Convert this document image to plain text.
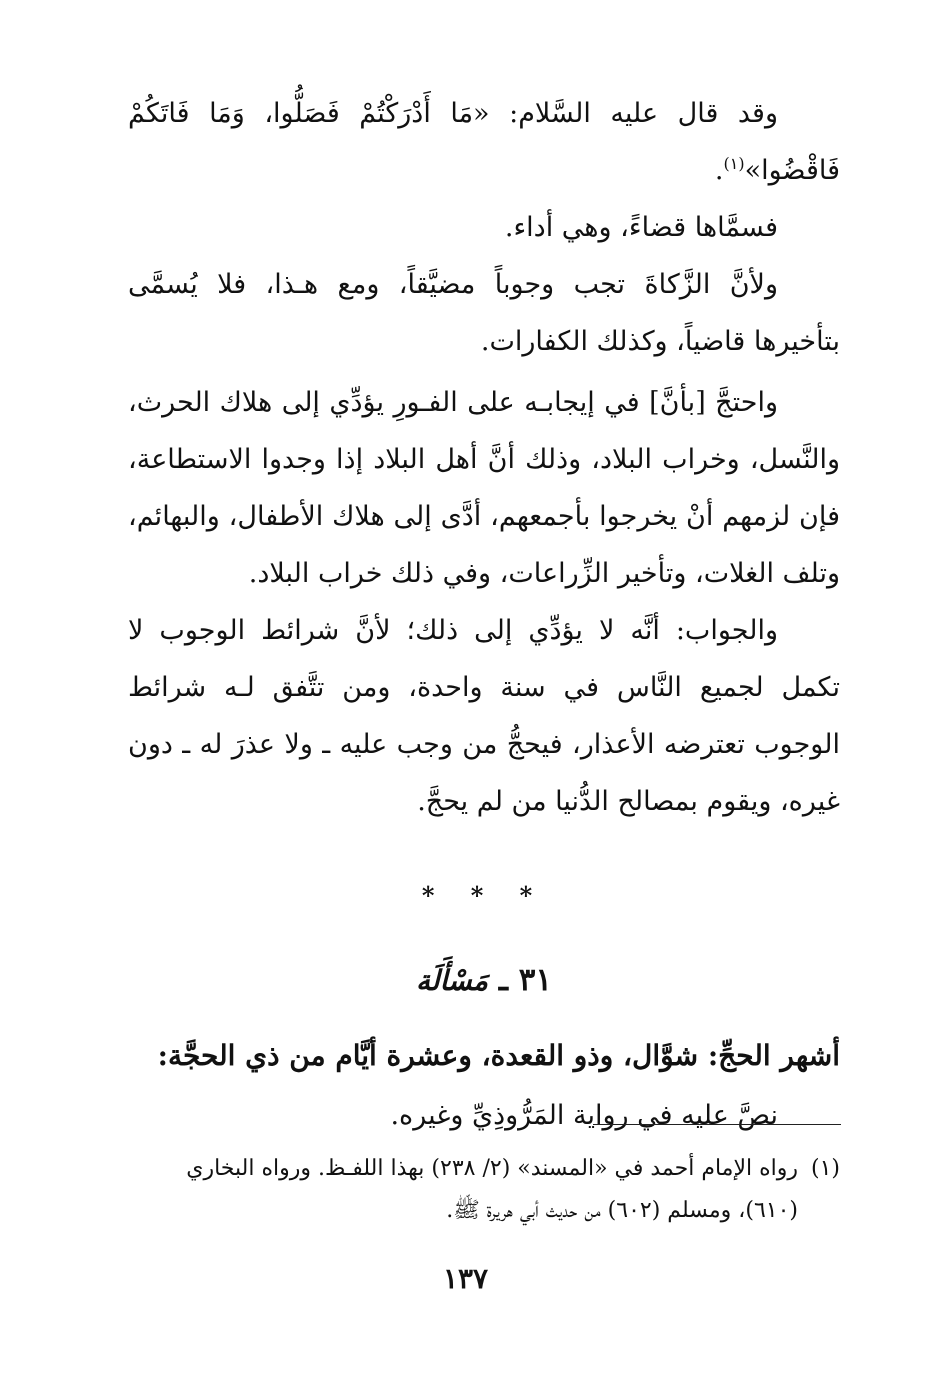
وقد قال عليه السَّلام: «مَا أَدْرَكْتُمْ فَصَلُّوا، وَمَا فَاتَكُمْ فَاقْضُوا»$^{(١)}$.

فسمَّاها قضاءً، وهي أداء.

ولأنَّ الزَّكاةَ تجب وجوباً مضيَّقاً، ومع هـذا، فلا يُسمَّى بتأخيرها قاضياً، وكذلك الكفارات.

واحتجَّ [بأنَّ] في إيجابـه على الفـورِ يؤدِّي إلى هلاك الحرث، والنَّسل، وخراب البلاد، وذلك أنَّ أهل البلاد إذا وجدوا الاستطاعة، فإن لزمهم أنْ يخرجوا بأجمعهم، أدَّى إلى هلاك الأطفال، والبهائم، وتلف الغلات، وتأخير الزِّراعات، وفي ذلك خراب البلاد.

والجواب: أنَّه لا يؤدِّي إلى ذلك؛ لأنَّ شرائط الوجوب لا تكمل لجميع النَّاس في سنة واحدة، ومن تتَّفق لـه شرائط الوجوب تعترضه الأعذار، فيحجُّ من وجب عليه ـ ولا عذرَ له ـ دون غيره، ويقوم بمصالح الدُّنيا من لم يحجَّ.

* * *
٣١ ـ مَسْأَلَة
أشهر الحجِّ: شوَّال، وذو القعدة، وعشرة أيَّام من ذي الحجَّة:
نصَّ عليه في رواية المَرُّوذِيِّ وغيره.
(١)رواه الإمام أحمد في «المسند» (٢/ ٢٣٨) بهذا اللفـظ. ورواه البخاري
(٦١٠)، ومسلم (٦٠٢) من حديث أبي هريرة ﷺ.
١٣٧
